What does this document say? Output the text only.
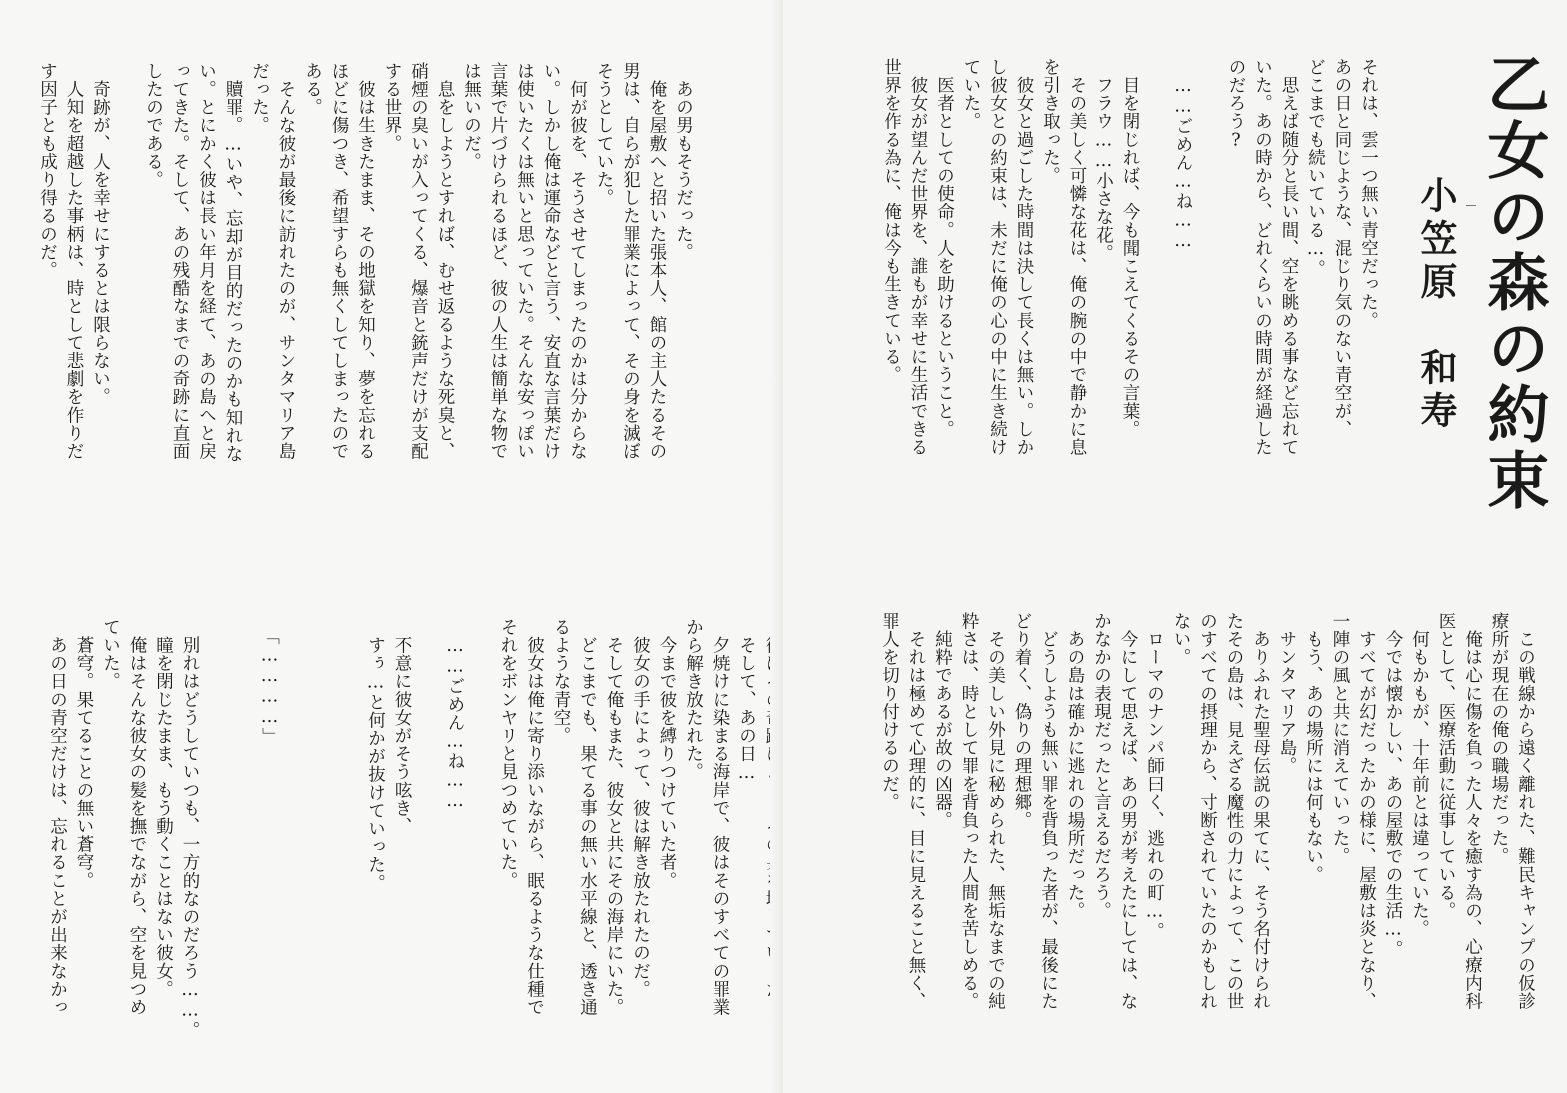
　あの男もそうだった。
　俺を屋敷へと招いた張本人、館の主人たるその
男は、自らが犯した罪業によって、その身を滅ぼ
そうとしていた。
　何が彼を、そうさせてしまったのかは分からな
い。しかし俺は運命などと言う、安直な言葉だけ
は使いたくは無いと思っていた。そんな安っぽい
言葉で片づけられるほど、彼の人生は簡単な物で
は無いのだ。
　息をしようとすれば、むせ返るような死臭と、
硝煙の臭いが入ってくる、爆音と銃声だけが支配
する世界。
　彼は生きたまま、その地獄を知り、夢を忘れる
ほどに傷つき、希望すらも無くしてしまったので
ある。
　そんな彼が最後に訪れたのが、サンタマリア島
だった。
　贖罪。…いや、忘却が目的だったのかも知れな
い。とにかく彼は長い年月を経て、あの島へと戻
ってきた。そして、あの残酷なまでの奇跡に直面
したのである。

　奇跡が、人を幸せにするとは限らない。
　人知を超越した事柄は、時として悲劇を作りだ
す因子とも成り得るのだ。

　そして、あの日…
　夕焼けに染まる海岸で、彼はそのすべての罪業
から解き放たれた。
　今まで彼を縛りつけていた者。
　彼女の手によって、彼は解き放たれたのだ。
　そして俺もまた、彼女と共にその海岸にいた。
　どこまでも、果てる事の無い水平線と、透き通
るような青空。
　彼女は俺に寄り添いながら、眠るような仕種で
それをボンヤリと見つめていた。

　……ごめん…ね……

　不意に彼女がそう呟き、
　すぅ…と何かが抜けていった。

　「…………」

　別れはどうしていつも、一方的なのだろう……。
　瞳を閉じたまま、もう動くことはない彼女。
　俺はそんな彼女の髪を撫でながら、空を見つめ
ていた。
　蒼穹。果てることの無い蒼穹。
　あの日の青空だけは、忘れることが出来なかっ
乙女の森の約束
小笠原　和寿
それは、雲一つ無い青空だった。
あの日と同じような、混じり気のない青空が、
どこまでも続いている…。
　思えば随分と長い間、空を眺める事など忘れて
いた。あの時から、どれくらいの時間が経過した
のだろう?

　……ごめん…ね……

　目を閉じれば、今も聞こえてくるその言葉。
　フラウ……小さな花。
　その美しく可憐な花は、俺の腕の中で静かに息
を引き取った。
　彼女と過ごした時間は決して長くは無い。しか
し彼女との約束は、未だに俺の心の中に生き続け
ていた。
　医者としての使命。人を助けるということ。
　彼女が望んだ世界を、誰もが幸せに生活できる
世界を作る為に、俺は今も生きている。
　この戦線から遠く離れた、難民キャンプの仮診
療所が現在の俺の職場だった。
　俺は心に傷を負った人々を癒す為の、心療内科
医として、医療活動に従事している。
　何もかもが、十年前とは違っていた。
　今では懐かしい、あの屋敷での生活…。
　すべてが幻だったかの様に、屋敷は炎となり、
一陣の風と共に消えていった。
　もう、あの場所には何もない。
　サンタマリア島。
　ありふれた聖母伝説の果てに、そう名付けられ
たその島は、見えざる魔性の力によって、この世
のすべての摂理から、寸断されていたのかもしれ
ない。
　ローマのナンパ師曰く、逃れの町…。
　今にして思えば、あの男が考えたにしては、な
かなかの表現だったと言えるだろう。
　あの島は確かに逃れの場所だった。
　どうしようも無い罪を背負った者が、最後にた
どり着く、偽りの理想郷。
　その美しい外見に秘められた、無垢なまでの純
粋さは、時として罪を背負った人間を苦しめる。
　純粋であるが故の凶器。
　それは極めて心理的に、目に見えること無く、
罪人を切り付けるのだ。
